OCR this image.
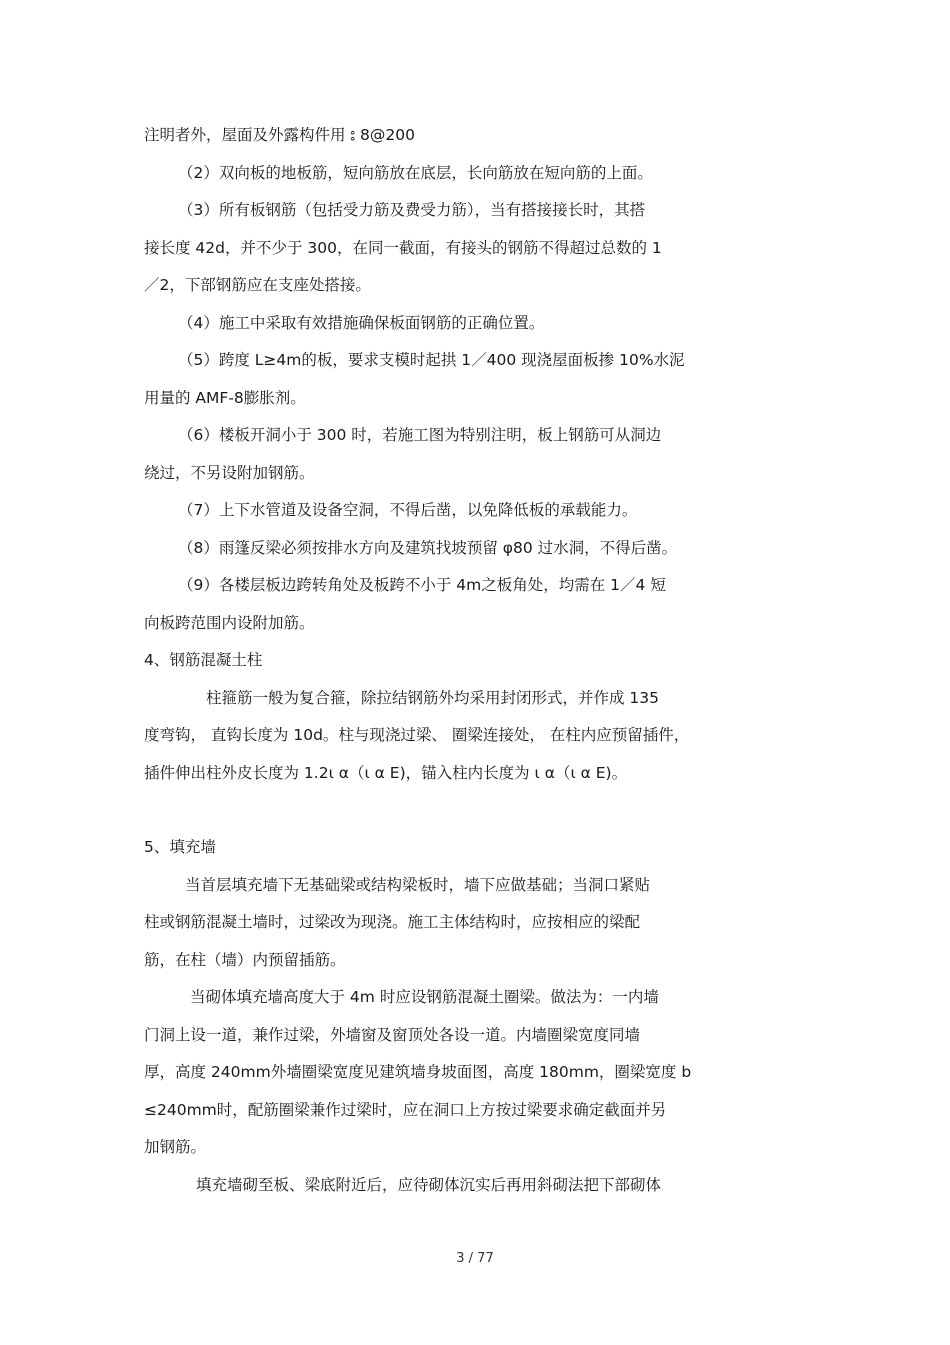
注明者外，屋面及外露构件用 ⦂ 8@200
（2）双向板的地板筋，短向筋放在底层，长向筋放在短向筋的上面。
（3）所有板钢筋（包括受力筋及费受力筋），当有搭接接长时，其搭
接长度 42d，并不少于 300，在同一截面，有接头的钢筋不得超过总数的 1
／2，下部钢筋应在支座处搭接。
（4）施工中采取有效措施确保板面钢筋的正确位置。
（5）跨度 L≥4m的板，要求支模时起拱 1／400 现浇屋面板掺 10%水泥
用量的 AMF-8膨胀剂。
（6）楼板开洞小于 300 时，若施工图为特别注明，板上钢筋可从洞边
绕过，不另设附加钢筋。
（7）上下水管道及设备空洞，不得后凿，以免降低板的承载能力。
（8）雨篷反梁必须按排水方向及建筑找坡预留 φ80 过水洞，不得后凿。
（9）各楼层板边跨转角处及板跨不小于 4m之板角处，均需在 1／4 短
向板跨范围内设附加筋。
4、钢筋混凝土柱
柱箍筋一般为复合箍，除拉结钢筋外均采用封闭形式，并作成 135
度弯钩， 直钩长度为 10d。柱与现浇过梁、 圈梁连接处， 在柱内应预留插件，
插件伸出柱外皮长度为 1.2ι α（ι α E)，锚入柱内长度为 ι α（ι α E)。
5、填充墙
当首层填充墙下无基础梁或结构梁板时，墙下应做基础；当洞口紧贴
柱或钢筋混凝土墙时，过梁改为现浇。施工主体结构时，应按相应的梁配
筋，在柱（墙）内预留插筋。
当砌体填充墙高度大于 4m 时应设钢筋混凝土圈梁。做法为：一内墙
门洞上设一道，兼作过梁，外墙窗及窗顶处各设一道。内墙圈梁宽度同墙
厚，高度 240mm外墙圈梁宽度见建筑墙身坡面图，高度 180mm，圈梁宽度 b
≤240mm时，配筋圈梁兼作过梁时，应在洞口上方按过梁要求确定截面并另
加钢筋。
填充墙砌至板、梁底附近后，应待砌体沉实后再用斜砌法把下部砌体
3 / 77
